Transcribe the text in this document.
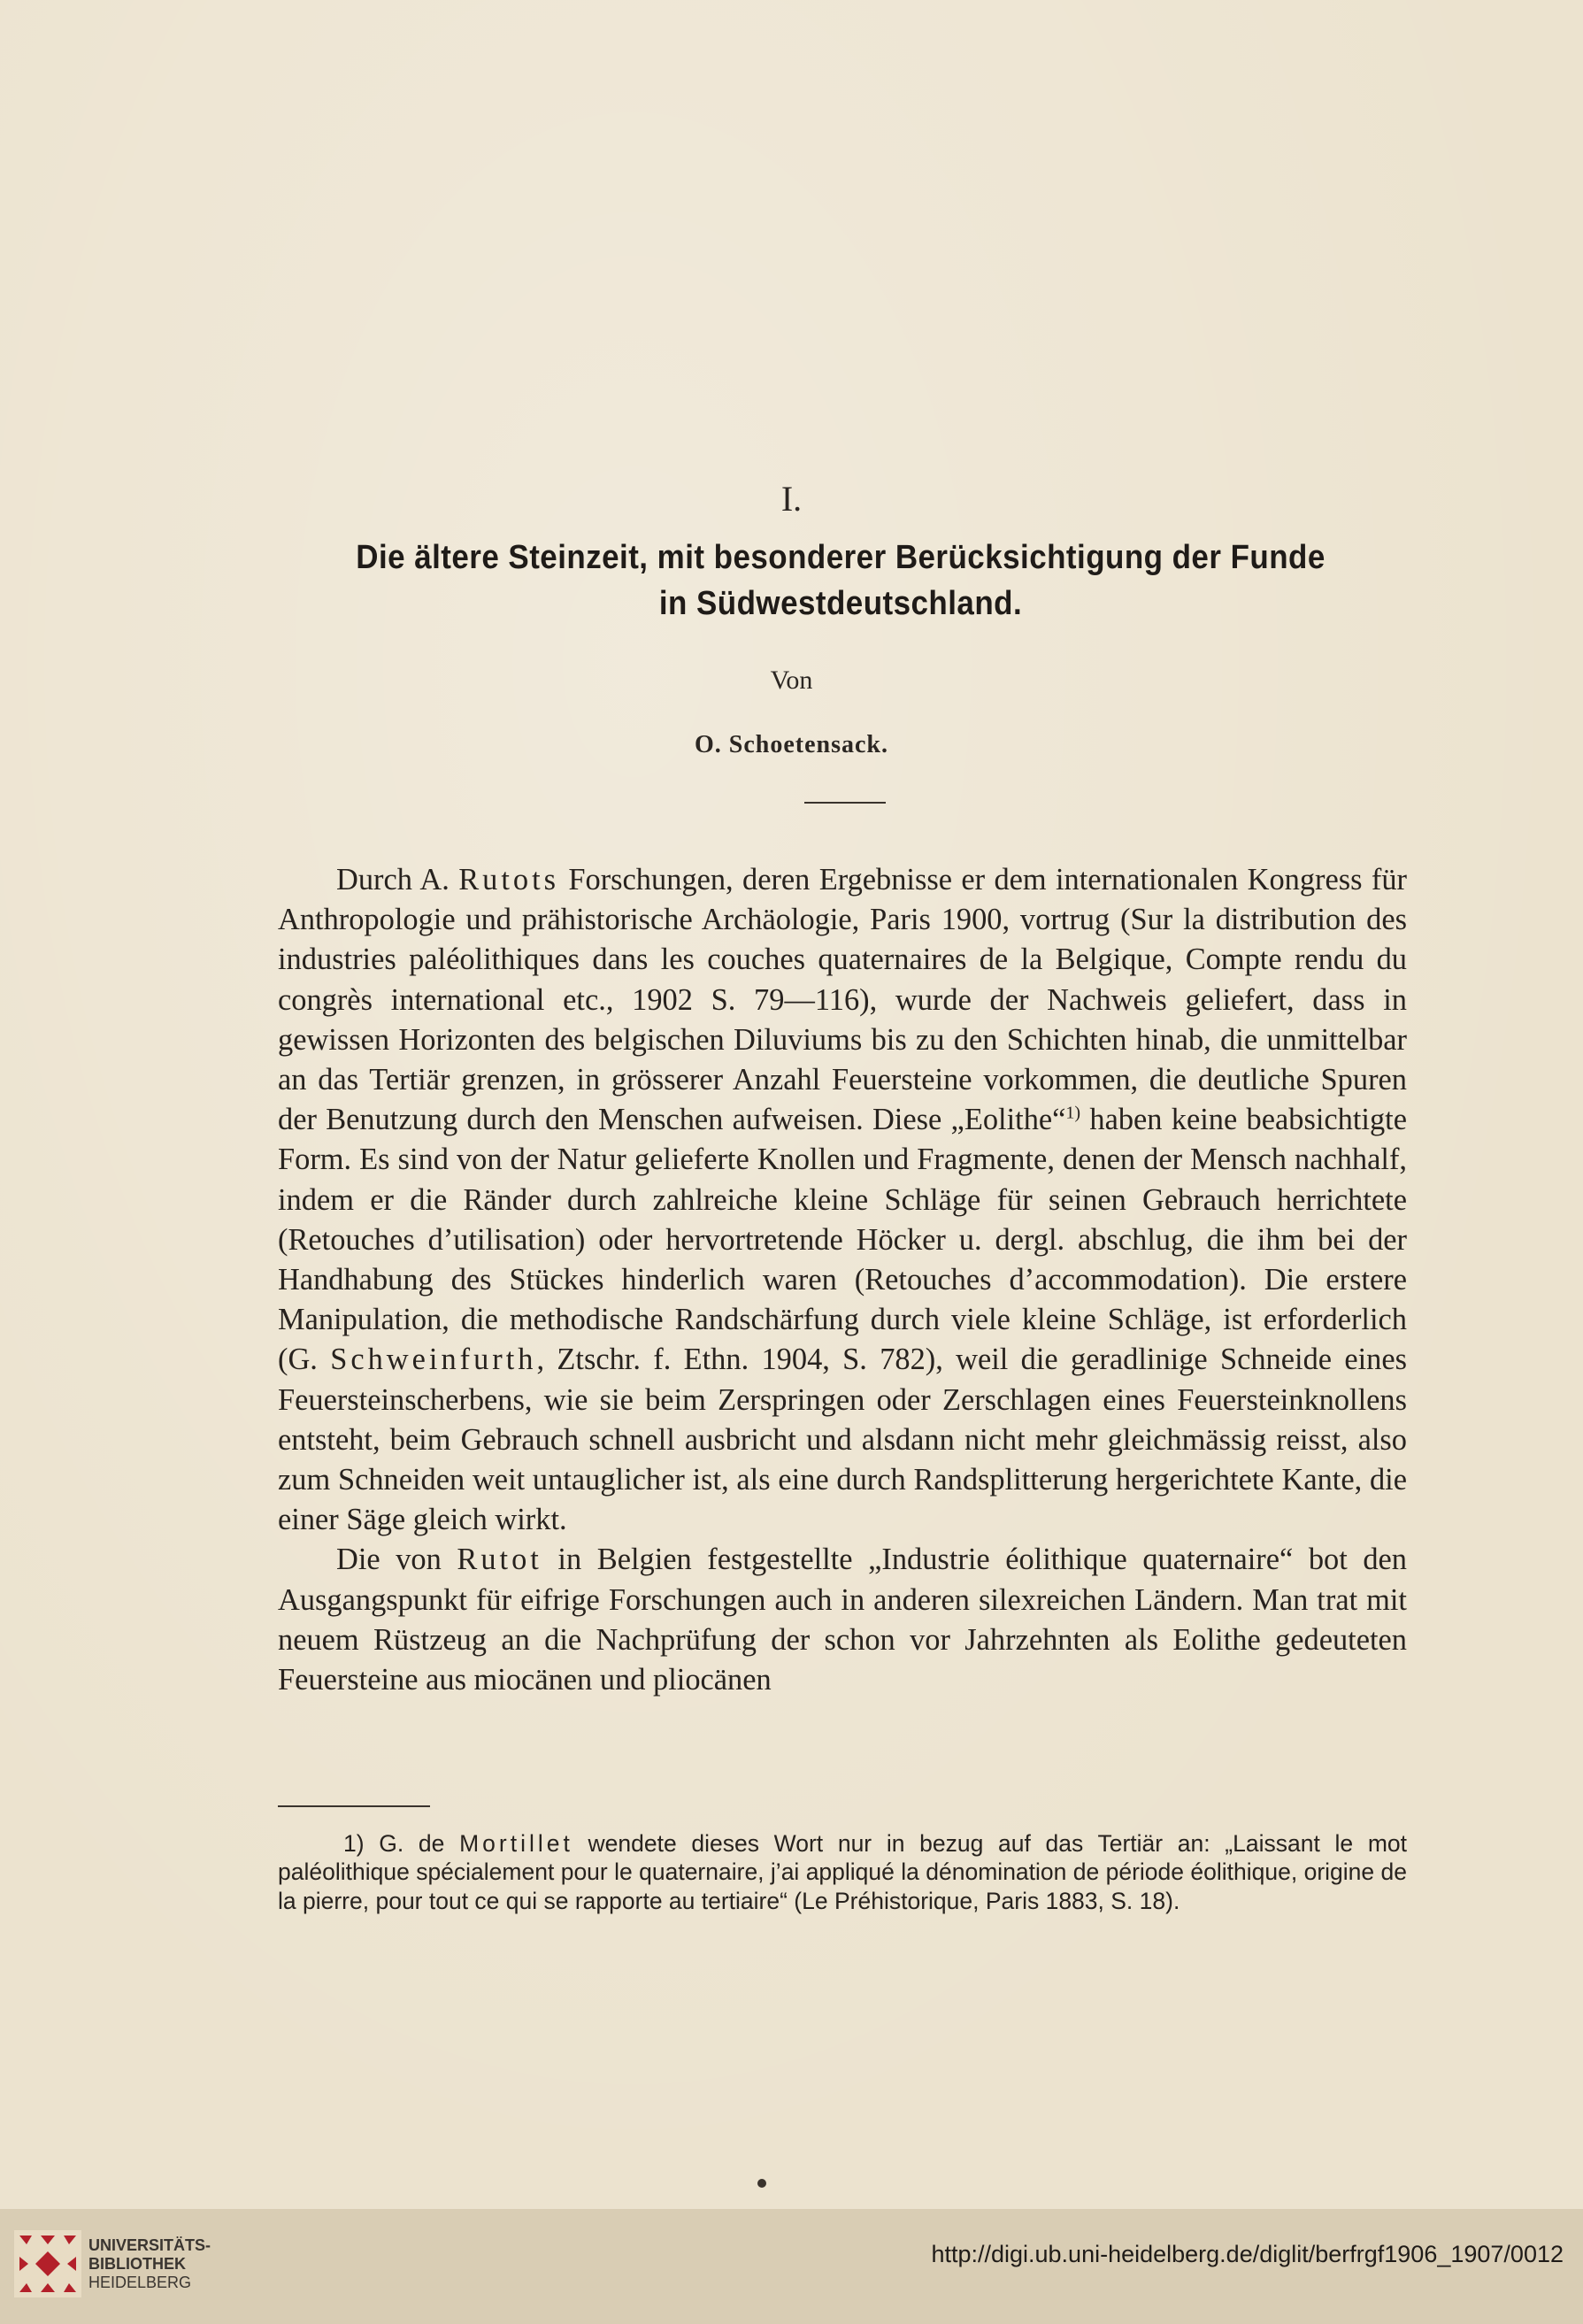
I.
Die ältere Steinzeit, mit besonderer Berücksichtigung der Funde
in Südwestdeutschland.
Von
O. Schoetensack.

Durch A. Rutots Forschungen, deren Ergebnisse er dem internationalen Kongress für Anthropologie und prähistorische Archäologie, Paris 1900, vortrug (Sur la distribution des industries paléolithiques dans les couches quaternaires de la Belgique, Compte rendu du congrès international etc., 1902 S. 79—116), wurde der Nachweis geliefert, dass in gewissen Horizonten des belgischen Diluviums bis zu den Schichten hinab, die unmittelbar an das Tertiär grenzen, in grösserer Anzahl Feuersteine vorkommen, die deutliche Spuren der Benutzung durch den Menschen aufweisen. Diese „Eolithe“$^{1)}$ haben keine beabsichtigte Form. Es sind von der Natur gelieferte Knollen und Fragmente, denen der Mensch nachhalf, indem er die Ränder durch zahlreiche kleine Schläge für seinen Gebrauch herrichtete (Retouches d’utilisation) oder hervortretende Höcker u. dergl. abschlug, die ihm bei der Handhabung des Stückes hinderlich waren (Retouches d’accommodation). Die erstere Manipulation, die methodische Randschärfung durch viele kleine Schläge, ist erforderlich (G. Schweinfurth, Ztschr. f. Ethn. 1904, S. 782), weil die geradlinige Schneide eines Feuersteinscherbens, wie sie beim Zerspringen oder Zerschlagen eines Feuersteinknollens entsteht, beim Gebrauch schnell ausbricht und alsdann nicht mehr gleichmässig reisst, also zum Schneiden weit untauglicher ist, als eine durch Randsplitterung hergerichtete Kante, die einer Säge gleich wirkt.

Die von Rutot in Belgien festgestellte „Industrie éolithique quaternaire“ bot den Ausgangspunkt für eifrige Forschungen auch in anderen silexreichen Ländern. Man trat mit neuem Rüstzeug an die Nachprüfung der schon vor Jahrzehnten als Eolithe gedeuteten Feuersteine aus miocänen und pliocänen

1) G. de Mortillet wendete dieses Wort nur in bezug auf das Tertiär an: „Laissant le mot paléolithique spécialement pour le quaternaire, j’ai appliqué la dénomination de période éolithique, origine de la pierre, pour tout ce qui se rapporte au tertiaire“ (Le Préhistorique, Paris 1883, S. 18).

UNIVERSITÄTS-
BIBLIOTHEK
HEIDELBERG
http://digi.ub.uni-heidelberg.de/diglit/berfrgf1906_1907/0012
